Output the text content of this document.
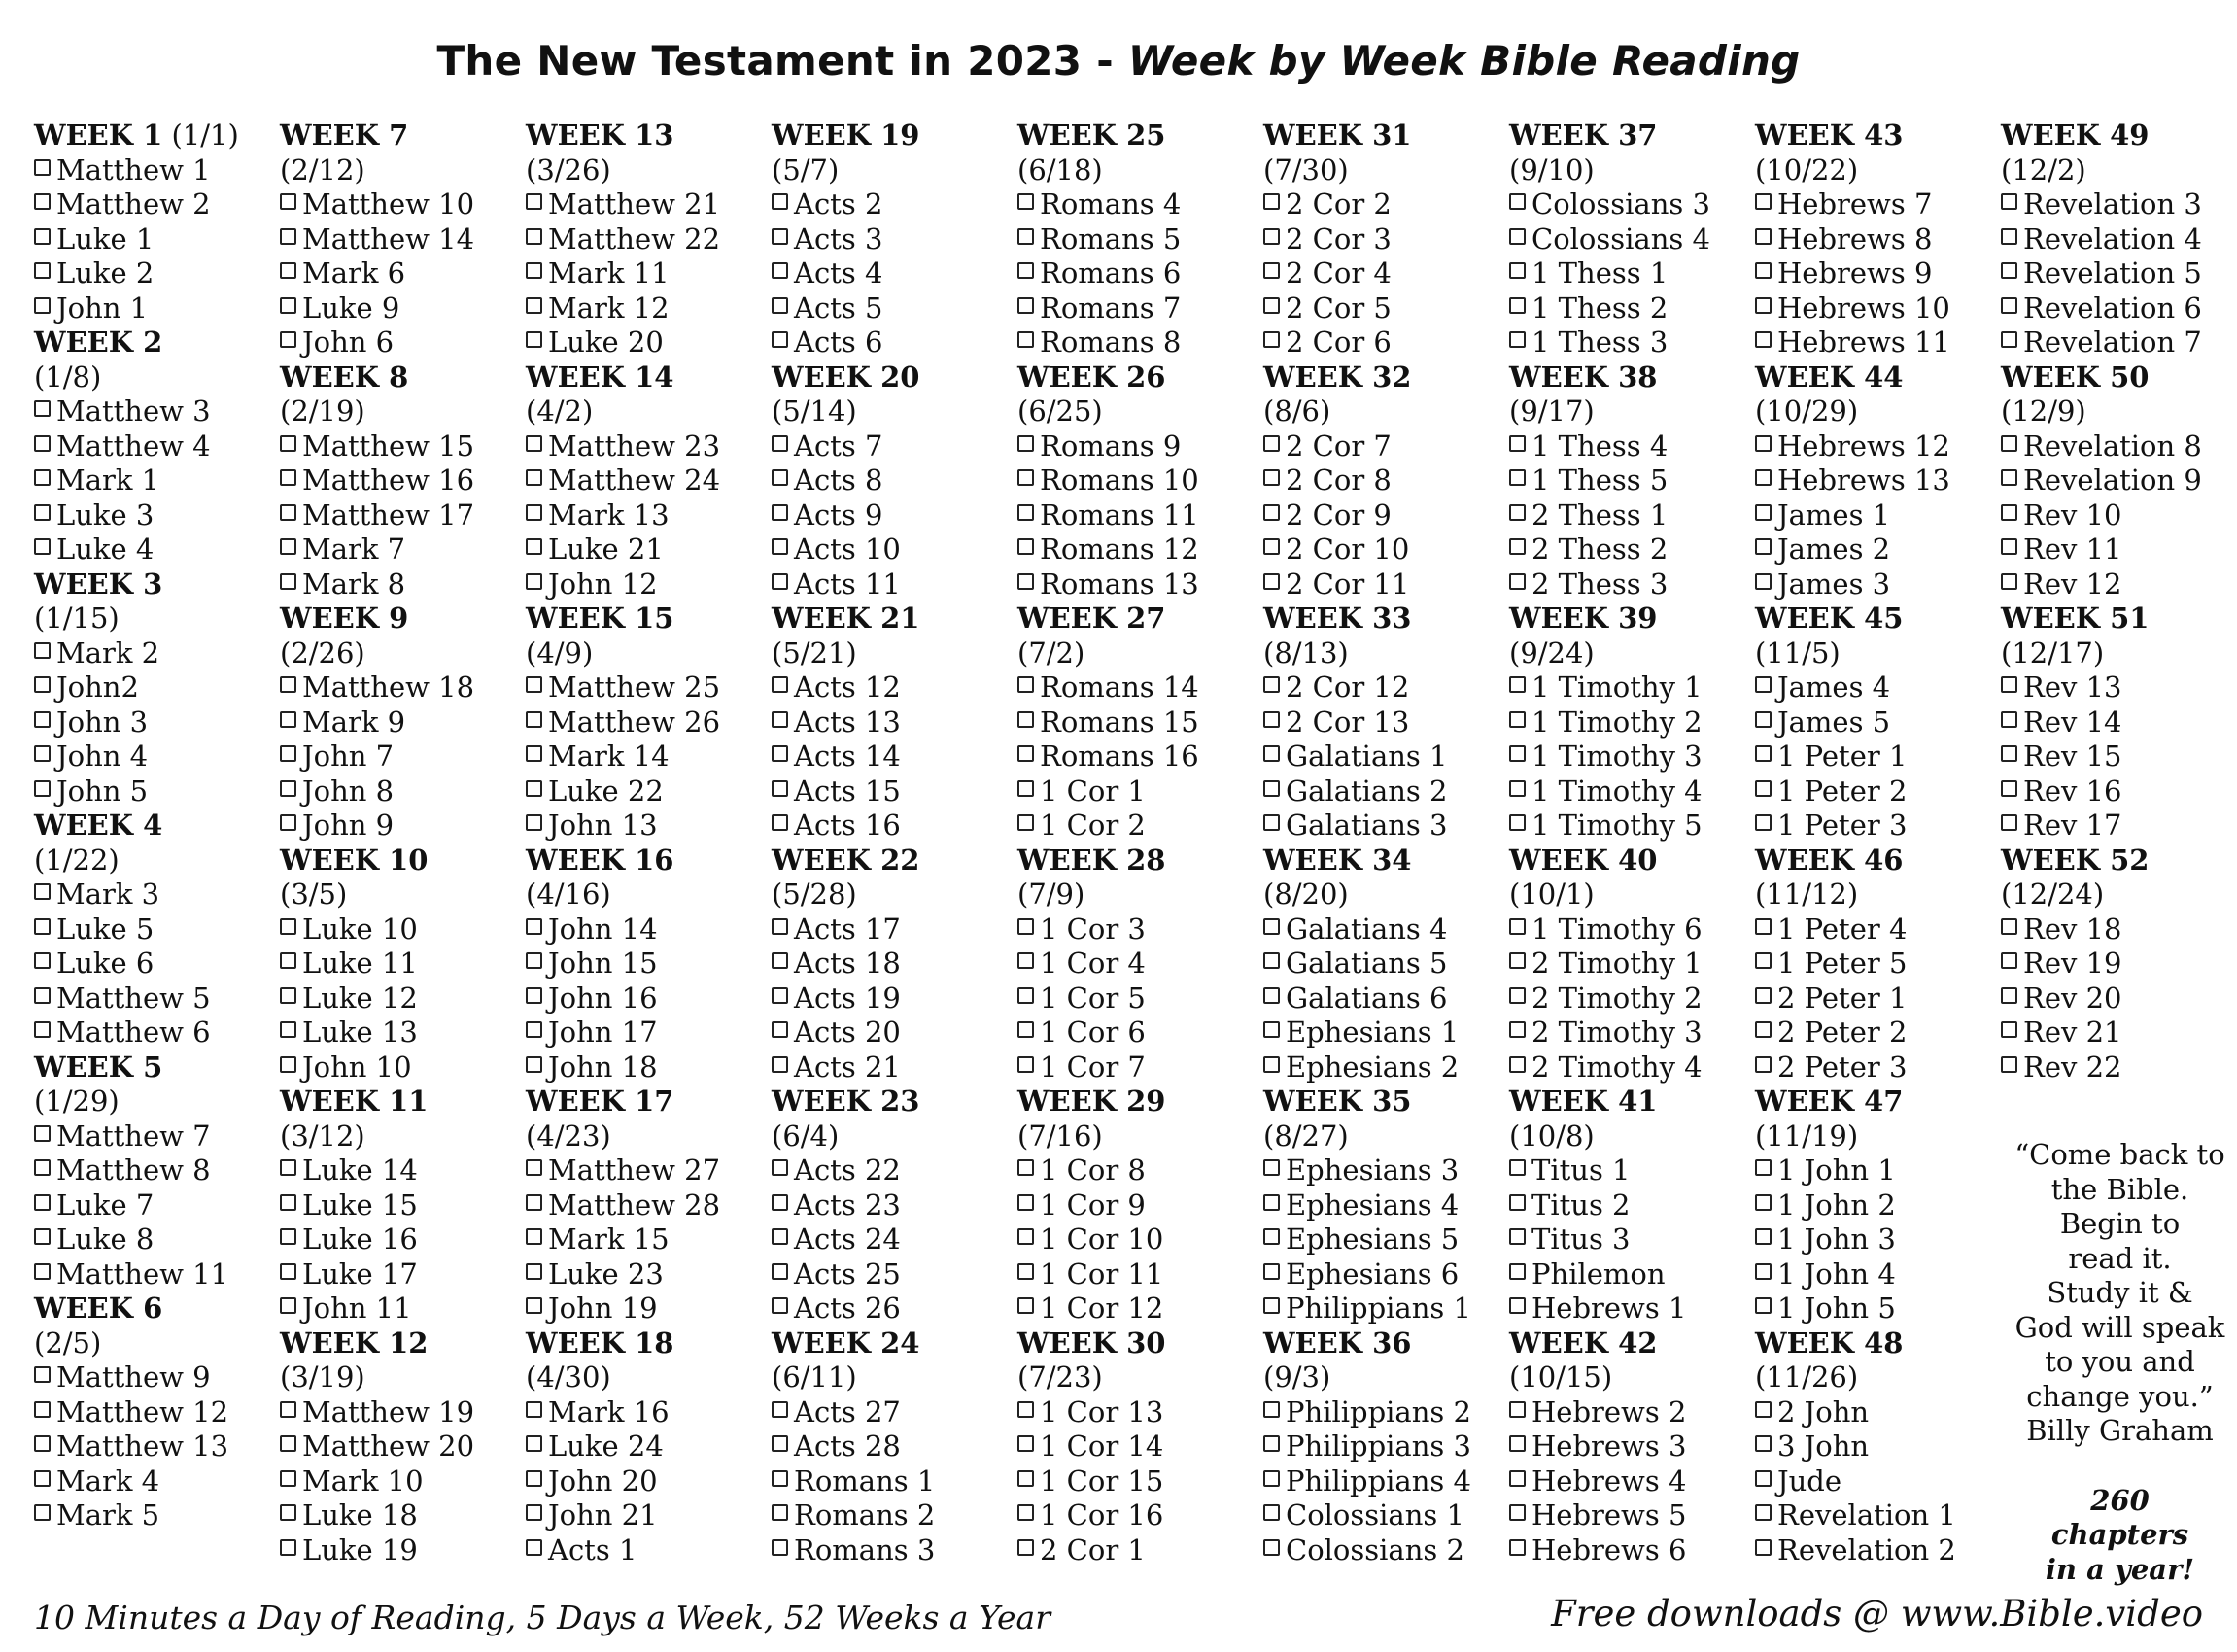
The New Testament in 2023 - Week by Week Bible Reading
WEEK 1 (1/1)
Matthew 1
Matthew 2
Luke 1
Luke 2
John 1
WEEK 2
(1/8)
Matthew 3
Matthew 4
Mark 1
Luke 3
Luke 4
WEEK 3
(1/15)
Mark 2
John2
John 3
John 4
John 5
WEEK 4
(1/22)
Mark 3
Luke 5
Luke 6
Matthew 5
Matthew 6
WEEK 5
(1/29)
Matthew 7
Matthew 8
Luke 7
Luke 8
Matthew 11
WEEK 6
(2/5)
Matthew 9
Matthew 12
Matthew 13
Mark 4
Mark 5
WEEK 7
(2/12)
Matthew 10
Matthew 14
Mark 6
Luke 9
John 6
WEEK 8
(2/19)
Matthew 15
Matthew 16
Matthew 17
Mark 7
Mark 8
WEEK 9
(2/26)
Matthew 18
Mark 9
John 7
John 8
John 9
WEEK 10
(3/5)
Luke 10
Luke 11
Luke 12
Luke 13
John 10
WEEK 11
(3/12)
Luke 14
Luke 15
Luke 16
Luke 17
John 11
WEEK 12
(3/19)
Matthew 19
Matthew 20
Mark 10
Luke 18
Luke 19
WEEK 13
(3/26)
Matthew 21
Matthew 22
Mark 11
Mark 12
Luke 20
WEEK 14
(4/2)
Matthew 23
Matthew 24
Mark 13
Luke 21
John 12
WEEK 15
(4/9)
Matthew 25
Matthew 26
Mark 14
Luke 22
John 13
WEEK 16
(4/16)
John 14
John 15
John 16
John 17
John 18
WEEK 17
(4/23)
Matthew 27
Matthew 28
Mark 15
Luke 23
John 19
WEEK 18
(4/30)
Mark 16
Luke 24
John 20
John 21
Acts 1
WEEK 19
(5/7)
Acts 2
Acts 3
Acts 4
Acts 5
Acts 6
WEEK 20
(5/14)
Acts 7
Acts 8
Acts 9
Acts 10
Acts 11
WEEK 21
(5/21)
Acts 12
Acts 13
Acts 14
Acts 15
Acts 16
WEEK 22
(5/28)
Acts 17
Acts 18
Acts 19
Acts 20
Acts 21
WEEK 23
(6/4)
Acts 22
Acts 23
Acts 24
Acts 25
Acts 26
WEEK 24
(6/11)
Acts 27
Acts 28
Romans 1
Romans 2
Romans 3
WEEK 25
(6/18)
Romans 4
Romans 5
Romans 6
Romans 7
Romans 8
WEEK 26
(6/25)
Romans 9
Romans 10
Romans 11
Romans 12
Romans 13
WEEK 27
(7/2)
Romans 14
Romans 15
Romans 16
1 Cor 1
1 Cor 2
WEEK 28
(7/9)
1 Cor 3
1 Cor 4
1 Cor 5
1 Cor 6
1 Cor 7
WEEK 29
(7/16)
1 Cor 8
1 Cor 9
1 Cor 10
1 Cor 11
1 Cor 12
WEEK 30
(7/23)
1 Cor 13
1 Cor 14
1 Cor 15
1 Cor 16
2 Cor 1
WEEK 31
(7/30)
2 Cor 2
2 Cor 3
2 Cor 4
2 Cor 5
2 Cor 6
WEEK 32
(8/6)
2 Cor 7
2 Cor 8
2 Cor 9
2 Cor 10
2 Cor 11
WEEK 33
(8/13)
2 Cor 12
2 Cor 13
Galatians 1
Galatians 2
Galatians 3
WEEK 34
(8/20)
Galatians 4
Galatians 5
Galatians 6
Ephesians 1
Ephesians 2
WEEK 35
(8/27)
Ephesians 3
Ephesians 4
Ephesians 5
Ephesians 6
Philippians 1
WEEK 36
(9/3)
Philippians 2
Philippians 3
Philippians 4
Colossians 1
Colossians 2
WEEK 37
(9/10)
Colossians 3
Colossians 4
1 Thess 1
1 Thess 2
1 Thess 3
WEEK 38
(9/17)
1 Thess 4
1 Thess 5
2 Thess 1
2 Thess 2
2 Thess 3
WEEK 39
(9/24)
1 Timothy 1
1 Timothy 2
1 Timothy 3
1 Timothy 4
1 Timothy 5
WEEK 40
(10/1)
1 Timothy 6
2 Timothy 1
2 Timothy 2
2 Timothy 3
2 Timothy 4
WEEK 41
(10/8)
Titus 1
Titus 2
Titus 3
Philemon
Hebrews 1
WEEK 42
(10/15)
Hebrews 2
Hebrews 3
Hebrews 4
Hebrews 5
Hebrews 6
WEEK 43
(10/22)
Hebrews 7
Hebrews 8
Hebrews 9
Hebrews 10
Hebrews 11
WEEK 44
(10/29)
Hebrews 12
Hebrews 13
James 1
James 2
James 3
WEEK 45
(11/5)
James 4
James 5
1 Peter 1
1 Peter 2
1 Peter 3
WEEK 46
(11/12)
1 Peter 4
1 Peter 5
2 Peter 1
2 Peter 2
2 Peter 3
WEEK 47
(11/19)
1 John 1
1 John 2
1 John 3
1 John 4
1 John 5
WEEK 48
(11/26)
2 John
3 John
Jude
Revelation 1
Revelation 2
WEEK 49
(12/2)
Revelation 3
Revelation 4
Revelation 5
Revelation 6
Revelation 7
WEEK 50
(12/9)
Revelation 8
Revelation 9
Rev 10
Rev 11
Rev 12
WEEK 51
(12/17)
Rev 13
Rev 14
Rev 15
Rev 16
Rev 17
WEEK 52
(12/24)
Rev 18
Rev 19
Rev 20
Rev 21
Rev 22
“Come back to
the Bible.
Begin to
read it.
Study it &
God will speak
to you and
change you.”
Billy Graham
260
chapters
in a year!
10 Minutes a Day of Reading, 5 Days a Week, 52 Weeks a Year	Free downloads @ www.Bible.video
